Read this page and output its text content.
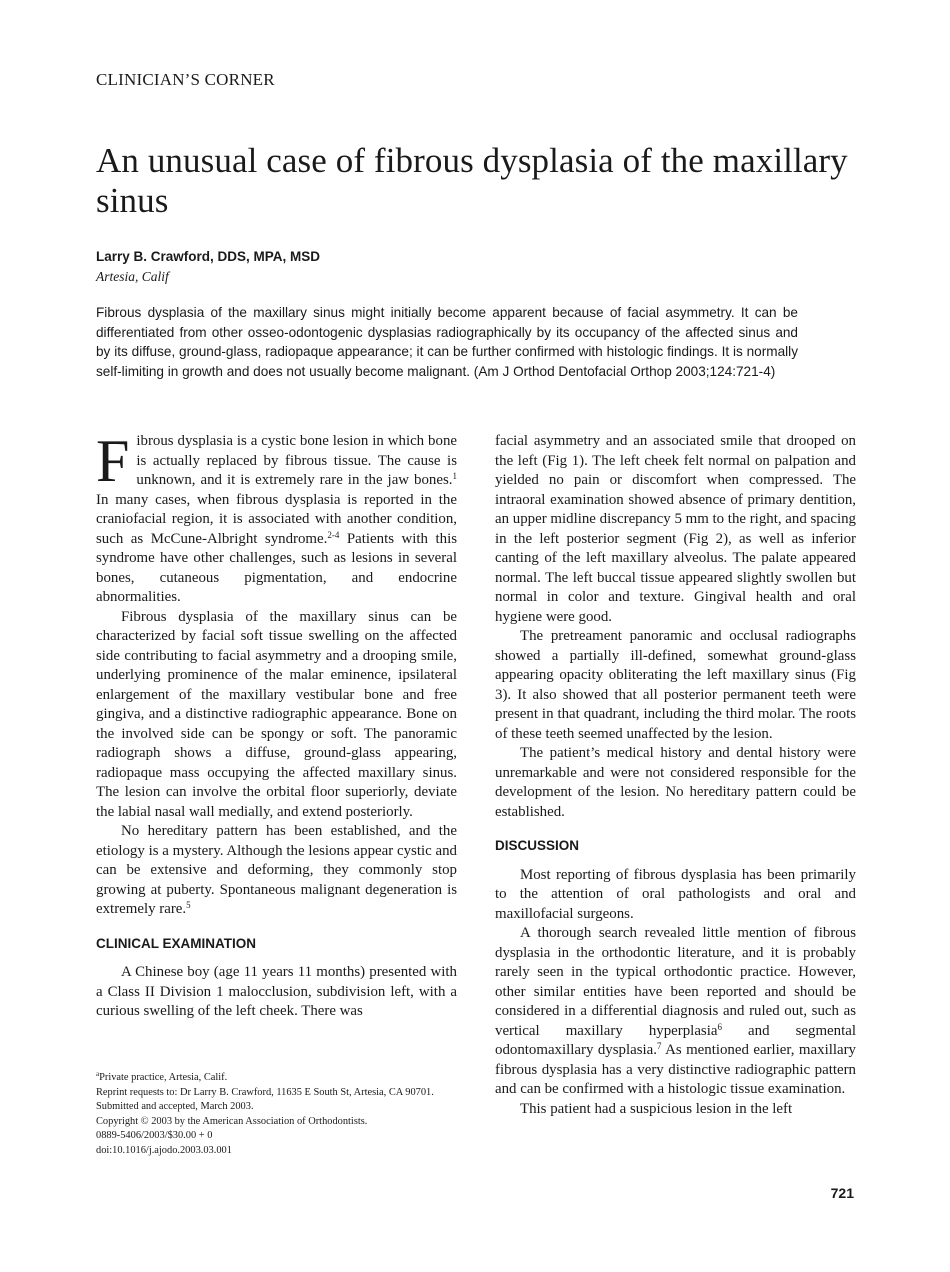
CLINICIAN’S CORNER
An unusual case of fibrous dysplasia of the maxillary sinus
Larry B. Crawford, DDS, MPA, MSD
Artesia, Calif

Fibrous dysplasia of the maxillary sinus might initially become apparent because of facial asymmetry. It can be differentiated from other osseo-odontogenic dysplasias radiographically by its occupancy of the affected sinus and by its diffuse, ground-glass, radiopaque appearance; it can be further confirmed with histologic findings. It is normally self-limiting in growth and does not usually become malignant. (Am J Orthod Dentofacial Orthop 2003;124:721-4)

Fibrous dysplasia is a cystic bone lesion in which bone is actually replaced by fibrous tissue. The cause is unknown, and it is extremely rare in the jaw bones.$^1$ In many cases, when fibrous dysplasia is reported in the craniofacial region, it is associated with another condition, such as McCune-Albright syndrome.$^{2-4}$ Patients with this syndrome have other challenges, such as lesions in several bones, cutaneous pigmentation, and endocrine abnormalities.

Fibrous dysplasia of the maxillary sinus can be characterized by facial soft tissue swelling on the affected side contributing to facial asymmetry and a drooping smile, underlying prominence of the malar eminence, ipsilateral enlargement of the maxillary vestibular bone and free gingiva, and a distinctive radiographic appearance. Bone on the involved side can be spongy or soft. The panoramic radiograph shows a diffuse, ground-glass appearing, radiopaque mass occupying the affected maxillary sinus. The lesion can involve the orbital floor superiorly, deviate the labial nasal wall medially, and extend posteriorly.

No hereditary pattern has been established, and the etiology is a mystery. Although the lesions appear cystic and can be extensive and deforming, they commonly stop growing at puberty. Spontaneous malignant degeneration is extremely rare.$^5$

CLINICAL EXAMINATION

A Chinese boy (age 11 years 11 months) presented with a Class II Division 1 malocclusion, subdivision left, with a curious swelling of the left cheek. There was

$^a$Private practice, Artesia, Calif.
Reprint requests to: Dr Larry B. Crawford, 11635 E South St, Artesia, CA 90701.
Submitted and accepted, March 2003.
Copyright © 2003 by the American Association of Orthodontists.
0889-5406/2003/$30.00 + 0
doi:10.1016/j.ajodo.2003.03.001

facial asymmetry and an associated smile that drooped on the left (Fig 1). The left cheek felt normal on palpation and yielded no pain or discomfort when compressed. The intraoral examination showed absence of primary dentition, an upper midline discrepancy 5 mm to the right, and spacing in the left posterior segment (Fig 2), as well as inferior canting of the left maxillary alveolus. The palate appeared normal. The left buccal tissue appeared slightly swollen but normal in color and texture. Gingival health and oral hygiene were good.

The pretreament panoramic and occlusal radiographs showed a partially ill-defined, somewhat ground-glass appearing opacity obliterating the left maxillary sinus (Fig 3). It also showed that all posterior permanent teeth were present in that quadrant, including the third molar. The roots of these teeth seemed unaffected by the lesion.

The patient’s medical history and dental history were unremarkable and were not considered responsible for the development of the lesion. No hereditary pattern could be established.

DISCUSSION

Most reporting of fibrous dysplasia has been primarily to the attention of oral pathologists and oral and maxillofacial surgeons.

A thorough search revealed little mention of fibrous dysplasia in the orthodontic literature, and it is probably rarely seen in the typical orthodontic practice. However, other similar entities have been reported and should be considered in a differential diagnosis and ruled out, such as vertical maxillary hyperplasia$^6$ and segmental odontomaxillary dysplasia.$^7$ As mentioned earlier, maxillary fibrous dysplasia has a very distinctive radiographic pattern and can be confirmed with a histologic tissue examination.

This patient had a suspicious lesion in the left

721
